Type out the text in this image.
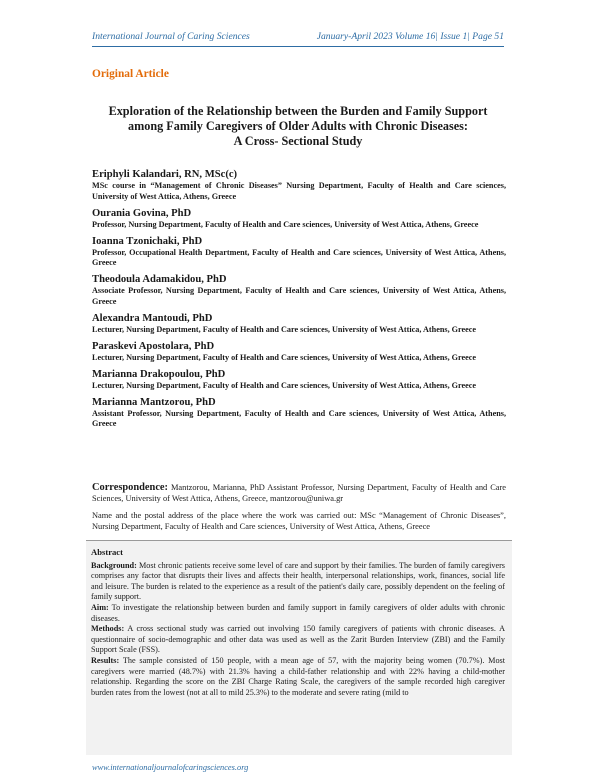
International Journal of Caring Sciences	January-April 2023 Volume 16| Issue 1| Page 51
Original Article
Exploration of the Relationship between the Burden and Family Support
among Family Caregivers of Older Adults with Chronic Diseases:
A Cross- Sectional Study
Eriphyli Kalandari, RN, MSc(c)
MSc course in “Management of Chronic Diseases” Nursing Department, Faculty of Health and Care sciences, University of West Attica, Athens, Greece
Ourania Govina, PhD
Professor, Nursing Department, Faculty of Health and Care sciences, University of West Attica, Athens, Greece
Ioanna Tzonichaki, PhD
Professor, Occupational Health Department, Faculty of Health and Care sciences, University of West Attica, Athens, Greece
Theodoula Adamakidou, PhD
Associate Professor, Nursing Department, Faculty of Health and Care sciences, University of West Attica, Athens, Greece
Alexandra Mantoudi, PhD
Lecturer, Nursing Department, Faculty of Health and Care sciences, University of West Attica, Athens, Greece
Paraskevi Apostolara, PhD
Lecturer, Nursing Department, Faculty of Health and Care sciences, University of West Attica, Athens, Greece
Marianna Drakopoulou, PhD
Lecturer, Nursing Department, Faculty of Health and Care sciences, University of West Attica, Athens, Greece
Marianna Mantzorou, PhD
Assistant Professor, Nursing Department, Faculty of Health and Care sciences, University of West Attica, Athens, Greece
Correspondence: Mantzorou, Marianna, PhD Assistant Professor, Nursing Department, Faculty of Health and Care Sciences, University of West Attica, Athens, Greece, mantzorou@uniwa.gr
Name and the postal address of the place where the work was carried out: MSc “Management of Chronic Diseases”, Nursing Department, Faculty of Health and Care sciences, University of West Attica, Athens, Greece
Abstract

Background: Most chronic patients receive some level of care and support by their families. The burden of family caregivers comprises any factor that disrupts their lives and affects their health, interpersonal relationships, work, finances, social life and leisure. The burden is related to the experience as a result of the patient's daily care, possibly dependent on the feeling of family support.

Aim: To investigate the relationship between burden and family support in family caregivers of older adults with chronic diseases.

Methods: A cross sectional study was carried out involving 150 family caregivers of patients with chronic diseases. A questionnaire of socio-demographic and other data was used as well as the Zarit Burden Interview (ZBI) and the Family Support Scale (FSS).

Results: The sample consisted of 150 people, with a mean age of 57, with the majority being women (70.7%). Most caregivers were married (48.7%) with 21.3% having a child-father relationship and with 22% having a child-mother relationship. Regarding the score on the ZBI Charge Rating Scale, the caregivers of the sample recorded high caregiver burden rates from the lowest (not at all to mild 25.3%) to the moderate and severe rating (mild to

www.internationaljournalofcaringsciences.org
